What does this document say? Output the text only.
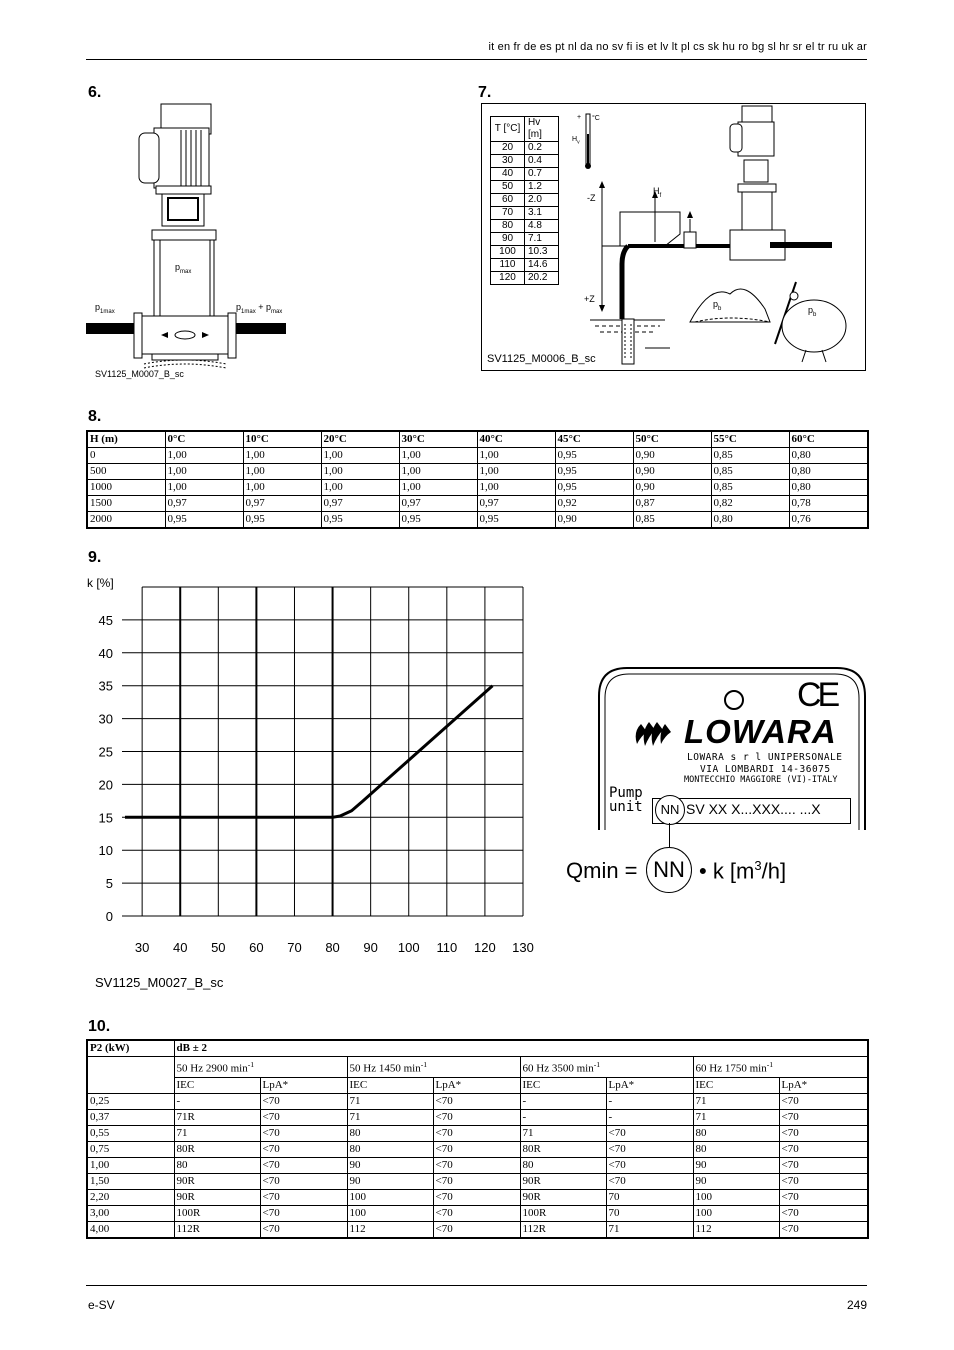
it en fr de es pt nl da no sv fi is et lv lt pl cs sk hu ro bg sl hr sr el tr ru uk ar
6.
$p_{max}$
$p_{1max}$	$p_{1max} + p_{max}$
SV1125_M0007_B_sc
7.
T [°C]	Hv [m]
20	0.2
30	0.4
40	0.7
50	1.2
60	2.0
70	3.1
80	4.8
90	7.1
100	10.3
110	14.6
120	20.2
+ °C
$H_v$
$H_f$
-Z
+Z	$p_b$	$p_b$
SV1125_M0006_B_sc
8.
H (m)	0°C	10°C	20°C	30°C	40°C	45°C	50°C	55°C	60°C
0	1,00	1,00	1,00	1,00	1,00	0,95	0,90	0,85	0,80
500	1,00	1,00	1,00	1,00	1,00	0,95	0,90	0,85	0,80
1000	1,00	1,00	1,00	1,00	1,00	0,95	0,90	0,85	0,80
1500	0,97	0,97	0,97	0,97	0,97	0,92	0,87	0,82	0,78
2000	0,95	0,95	0,95	0,95	0,95	0,90	0,85	0,80	0,76
9.
30 40 50 60 70 80 90 100 110 120 130
0
5
10
15
20
25
30
35
40
45
k [%]
SV1125_M0027_B_sc
CE
LOWARA
LOWARA s r l UNIPERSONALE
VIA LOMBARDI 14-36075
MONTECCHIO MAGGIORE (VI)-ITALY
Pump
unit	NN SV XX X...XXX.... ...X
Qmin = NN • k $[m^3/h]$
10.
P2 (kW)	dB ± 2							
	50 Hz 2900 $\min^{-1}$		50 Hz 1450 $\min^{-1}$		60 Hz 3500 $\min^{-1}$		60 Hz 1750 $\min^{-1}$
	IEC	LpA*	IEC	LpA*	IEC	LpA*	IEC	LpA*
0,25	-	<70	71	<70	-	-	71	<70
0,37	71R	<70	71	<70	-	-	71	<70
0,55	71	<70	80	<70	71	<70	80	<70
0,75	80R	<70	80	<70	80R	<70	80	<70
1,00	80	<70	90	<70	80	<70	90	<70
1,50	90R	<70	90	<70	90R	<70	90	<70
2,20	90R	<70	100	<70	90R	70	100	<70
3,00	100R	<70	100	<70	100R	70	100	<70
4,00	112R	<70	112	<70	112R	71	112	<70
e-SV	249
